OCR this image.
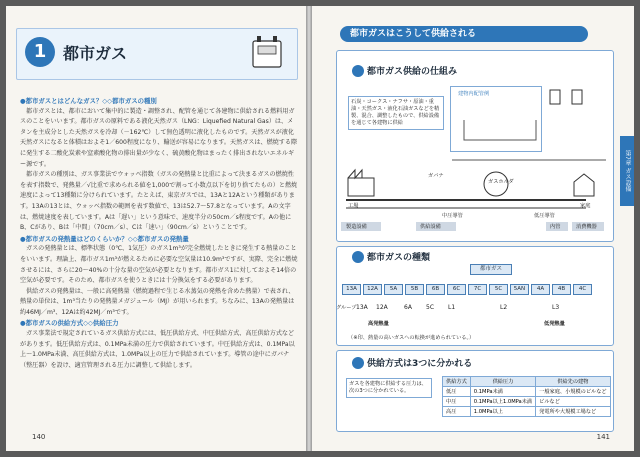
1	都市ガス
●都市ガスとはどんなガス？◇◇都市ガスの種別

都市ガスとは、都市において集中的に製造・調整され、配管を通じて各建物に供給される燃料用ガスのことをいいます。都市ガスの原料である液化天然ガス（LNG：Liquefied Natural Gas）は、メタンを主成分とした天然ガスを冷却（－162℃）して無色透明に液化したものです。天然ガスが液化天然ガスになると体積はおよそ1／600程度になり、輸送が容易になります。天然ガスは、燃焼する際に発生する二酸化炭素や窒素酸化物の排出量が少なく、硫黄酸化物はまったく排出されないエネルギー源です。

都市ガスの種別は、ガス事業法でウォッベ指数（ガスの発熱量と比重によって決まるガスの燃焼性を表す指数で、発熱量／√比重で求められる値を1,000で割って小数点以下を切り捨てたもの）と燃焼速度によって13種類に分けられています。たとえば、東京ガスでは、13Aと12Aという種類があります。13Aの13とは、ウォッベ指数の範囲を表す数値で、13は52.7〜57.8となっています。Aの文字は、燃焼速度を表しています。Aは「遅い」という意味で、速度半分の50cm／s程度です。Aの他にB、Cがあり、Bは「中間」（70cm／s）、Cは「速い」（90cm／s）ということです。

●都市ガスの発熱量はどのくらいか？◇◇都市ガスの発熱量

ガスの発熱量とは、標準状態（0℃、1気圧）のガス1m³が完全燃焼したときに発生する熱量のことをいいます。理論上、都市ガス1m³が燃えるために必要な空気量は10.9m³ですが、実際、完全に燃焼させるには、さらに20〜40%の十分な量の空気が必要となります。都市ガス1に対しておよそ14倍の空気が必要です。そのため、都市ガスを使うときには十分換気をする必要があります。

供給ガスの発熱量は、一般に高発熱量（燃焼過程で生じる水蒸気の発熱を含めた熱量）で表され、熱量の単位は、1m³当たりの発熱量メガジュール（MJ）が用いられます。ちなみに、13Aの発熱量は約46MJ／m³、12Aは約42MJ／m³です。

●都市ガスの供給方式◇◇供給圧力

ガス事業法で規定されているガス供給方式には、低圧供給方式、中圧供給方式、高圧供給方式などがあります。低圧供給方式は、0.1MPa未満の圧力で供給されています。中圧供給方式は、0.1MPa以上〜1.0MPa未満、高圧供給方式は、1.0MPa以上の圧力で供給されています。導管の途中にガバナ（整圧器）を設け、適宜管理される圧力に調整して供給します。

140
都市ガスはこうして供給される
第7章 ガス設備
都市ガス供給の仕組み
石炭・コークス・ナフサ・原油・重油・天然ガス・液化石油ガスなどを精製、混合、調整したもので、供給設備を通じて各建物に供給
建物内配管例
製造設備	供給設備	内管	消費機器
ガスホルダ
ガバナ
工場	家庭
中圧導管	低圧導管
都市ガスの種類
都市ガス
13A	12A	5A	5B	6B	6C	7C	5C	5AN	4A	4B	4C
グループ 13A 12A	6A 5C L1	L2	L3
高発熱量	低発熱量
（※印、熱量の高いガスへの転換が進められている。）
供給方式は3つに分かれる
ガスを各建物に供給する圧力は、次の3つに分かれている。
供給方式	供給圧力	供給先の建物
低圧	0.1MPa未満	一般家庭、小規模のビルなど
中圧	0.1MPa以上1.0MPa未満	ビルなど
高圧	1.0MPa以上	発電所や大規模工場など
141
